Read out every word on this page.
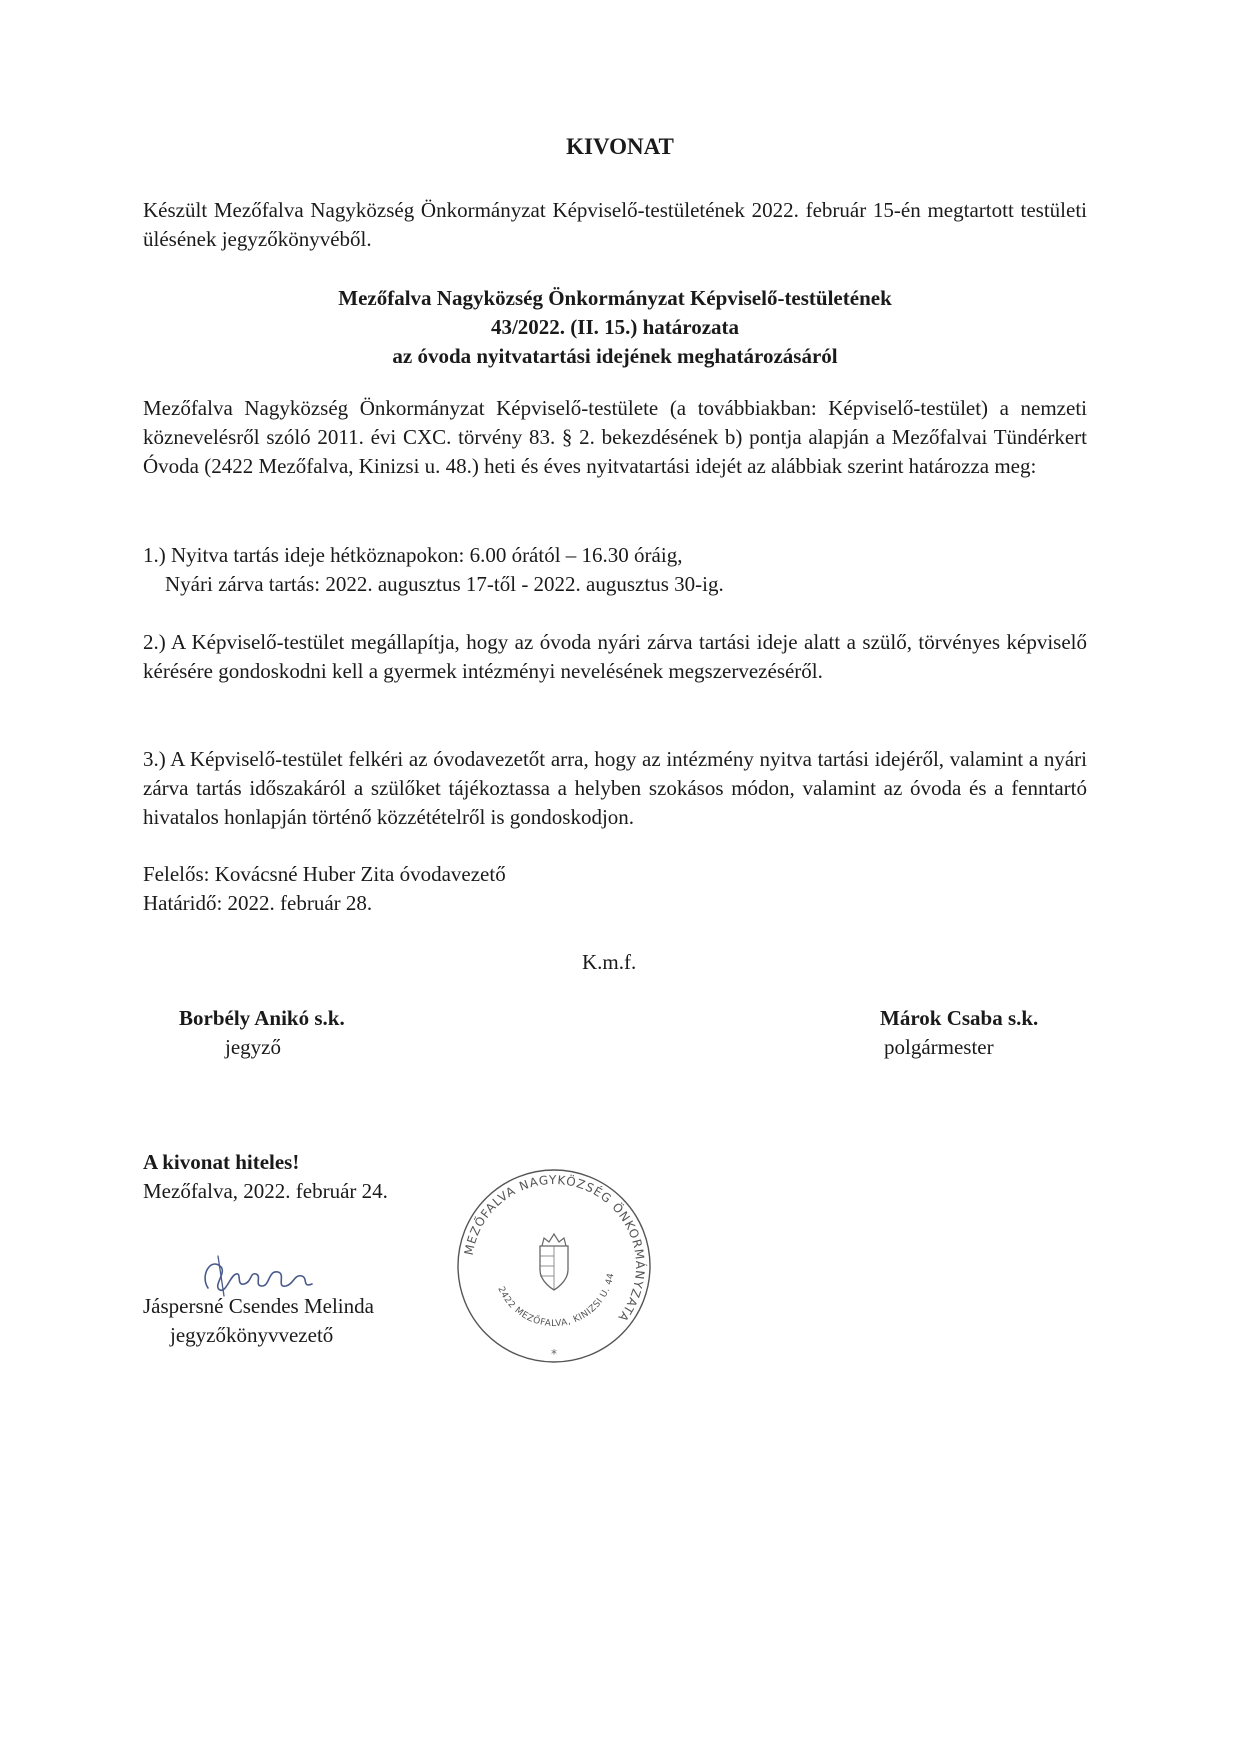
KIVONAT
Készült Mezőfalva Nagyközség Önkormányzat Képviselő-testületének 2022. február 15-én megtartott testületi ülésének jegyzőkönyvéből.
Mezőfalva Nagyközség Önkormányzat Képviselő-testületének
43/2022. (II. 15.) határozata
az óvoda nyitvatartási idejének meghatározásáról
Mezőfalva Nagyközség Önkormányzat Képviselő-testülete (a továbbiakban: Képviselő-testület) a nemzeti köznevelésről szóló 2011. évi CXC. törvény 83. § 2. bekezdésének b) pontja alapján a Mezőfalvai Tündérkert Óvoda (2422 Mezőfalva, Kinizsi u. 48.) heti és éves nyitvatartási idejét az alábbiak szerint határozza meg:
1.) Nyitva tartás ideje hétköznapokon: 6.00 órától – 16.30 óráig,
Nyári zárva tartás: 2022. augusztus 17-től - 2022. augusztus 30-ig.
2.) A Képviselő-testület megállapítja, hogy az óvoda nyári zárva tartási ideje alatt a szülő, törvényes képviselő kérésére gondoskodni kell a gyermek intézményi nevelésének megszervezéséről.
3.) A Képviselő-testület felkéri az óvodavezetőt arra, hogy az intézmény nyitva tartási idejéről, valamint a nyári zárva tartás időszakáról a szülőket tájékoztassa a helyben szokásos módon, valamint az óvoda és a fenntartó hivatalos honlapján történő közzétételről is gondoskodjon.
Felelős: Kovácsné Huber Zita óvodavezető
Határidő: 2022. február 28.
K.m.f.
Borbély Anikó s.k.
jegyző
Márok Csaba s.k.
polgármester
A kivonat hiteles!
Mezőfalva, 2022. február 24.
Jáspersné Csendes Melinda
jegyzőkönyvvezető
MEZŐFALVA NAGYKÖZSÉG ÖNKORMÁNYZATA
2422 MEZŐFALVA, KINIZSI U. 44
*
